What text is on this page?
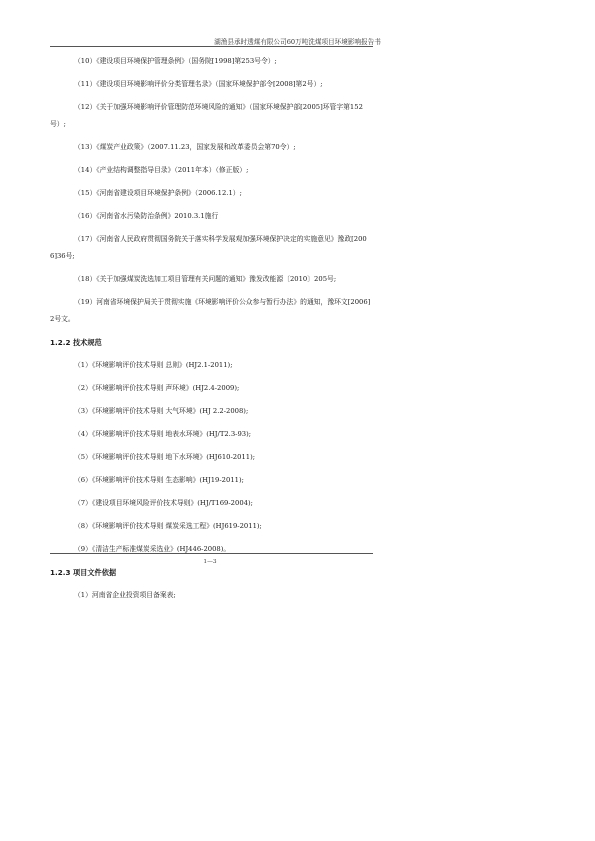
湖渔县承时透煤有限公司60万吨洗煤项目环境影响报告书
（10）《建设项目环境保护管理条例》（国务院[1998]第253号令）;
（11）《建设项目环境影响评价分类管理名录》（国家环境保护部令[2008]第2号）;
（12）《关于加强环境影响评价管理防范环境风险的通知》（国家环境保护部[2005]环管字第152号）;
（13）《煤炭产业政策》（2007.11.23，国家发展和改革委员会第70令）;
（14）《产业结构调整指导目录》（2011年本）（修正版）;
（15）《河南省建设项目环境保护条例》（2006.12.1）;
（16）《河南省水污染防治条例》2010.3.1施行
（17）《河南省人民政府贯彻国务院关于落实科学发展观加强环境保护决定的实施意见》豫政[2006]36号;
（18）《关于加强煤炭洗选加工项目管理有关问题的通知》豫发改能源〔2010〕205号;
（19）河南省环境保护局关于贯彻实施《环境影响评价公众参与暂行办法》的通知，豫环文[2006]2号文。
1.2.2 技术规范
（1）《环境影响评价技术导则 总则》(HJ2.1-2011);
（2）《环境影响评价技术导则 声环境》(HJ2.4-2009);
（3）《环境影响评价技术导则 大气环境》(HJ 2.2-2008);
（4）《环境影响评价技术导则 地表水环境》(HJ/T2.3-93);
（5）《环境影响评价技术导则 地下水环境》(HJ610-2011);
（6）《环境影响评价技术导则 生态影响》(HJ19-2011);
（7）《建设项目环境风险评价技术导则》(HJ/T169-2004);
（8）《环境影响评价技术导则 煤炭采选工程》(HJ619-2011);
（9）《清洁生产标准煤炭采选业》(HJ446-2008)。
1.2.3 项目文件依据
（1）河南省企业投资项目备案表;
1—3
